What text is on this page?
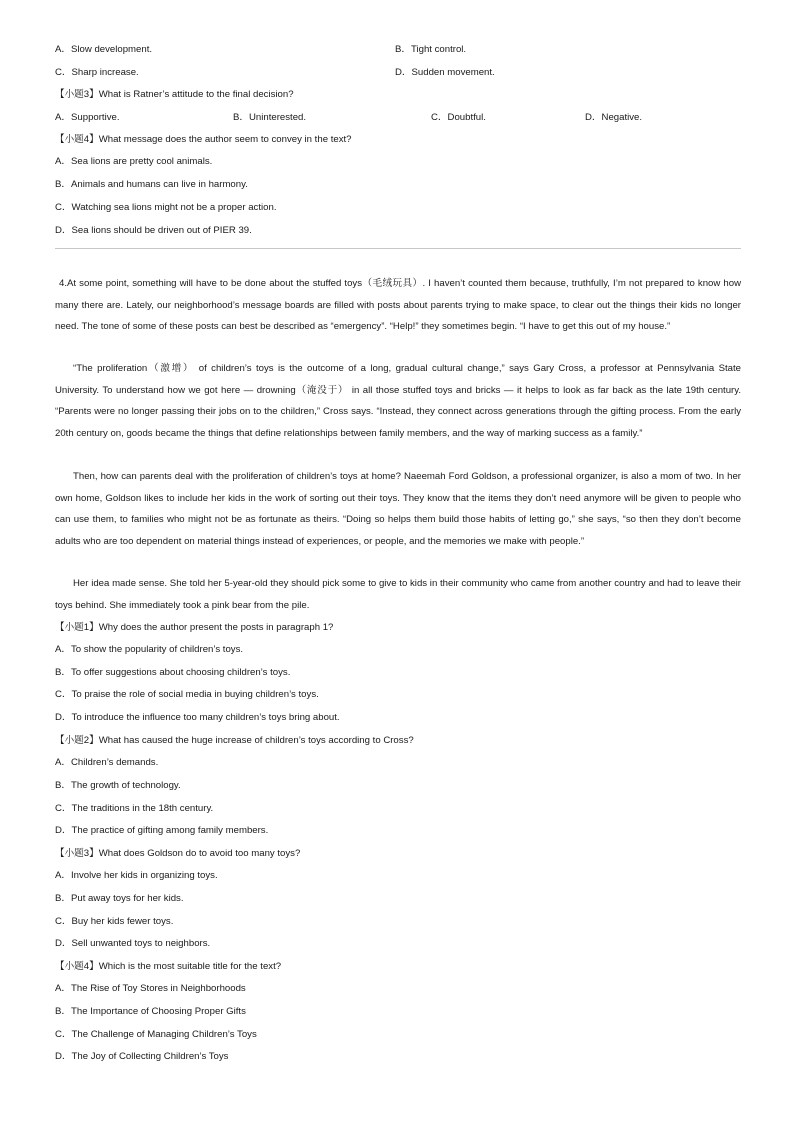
A．Slow development.	B．Tight control.
C．Sharp increase.	D．Sudden movement.
【小题3】What is Ratner’s attitude to the final decision?
A．Supportive.	B．Uninterested.	C．Doubtful.	D．Negative.
【小题4】What message does the author seem to convey in the text?
A．Sea lions are pretty cool animals.
B．Animals and humans can live in harmony.
C．Watching sea lions might not be a proper action.
D．Sea lions should be driven out of PIER 39.
4.At some point, something will have to be done about the stuffed toys（毛绒玩具）. I haven’t counted them because, truthfully, I’m not prepared to know how many there are. Lately, our neighborhood’s message boards are filled with posts about parents trying to make space, to clear out the things their kids no longer need. The tone of some of these posts can best be described as “emergency”. “Help!” they sometimes begin. “I have to get this out of my house.”
“The proliferation（激增） of children’s toys is the outcome of a long, gradual cultural change,” says Gary Cross, a professor at Pennsylvania State University. To understand how we got here — drowning（淹没于） in all those stuffed toys and bricks — it helps to look as far back as the late 19th century. “Parents were no longer passing their jobs on to the children,” Cross says. “Instead, they connect across generations through the gifting process. From the early 20th century on, goods became the things that define relationships between family members, and the way of marking success as a family.”
Then, how can parents deal with the proliferation of children’s toys at home? Naeemah Ford Goldson, a professional organizer, is also a mom of two. In her own home, Goldson likes to include her kids in the work of sorting out their toys. They know that the items they don’t need anymore will be given to people who can use them, to families who might not be as fortunate as theirs. “Doing so helps them build those habits of letting go,” she says, “so then they don’t become adults who are too dependent on material things instead of experiences, or people, and the memories we make with people.”
Her idea made sense. She told her 5-year-old they should pick some to give to kids in their community who came from another country and had to leave their toys behind. She immediately took a pink bear from the pile.
【小题1】Why does the author present the posts in paragraph 1?
A．To show the popularity of children’s toys.
B．To offer suggestions about choosing children’s toys.
C．To praise the role of social media in buying children’s toys.
D．To introduce the influence too many children’s toys bring about.
【小题2】What has caused the huge increase of children’s toys according to Cross?
A．Children’s demands.
B．The growth of technology.
C．The traditions in the 18th century.
D．The practice of gifting among family members.
【小题3】What does Goldson do to avoid too many toys?
A．Involve her kids in organizing toys.
B．Put away toys for her kids.
C．Buy her kids fewer toys.
D．Sell unwanted toys to neighbors.
【小题4】Which is the most suitable title for the text?
A．The Rise of Toy Stores in Neighborhoods
B．The Importance of Choosing Proper Gifts
C．The Challenge of Managing Children’s Toys
D．The Joy of Collecting Children’s Toys
